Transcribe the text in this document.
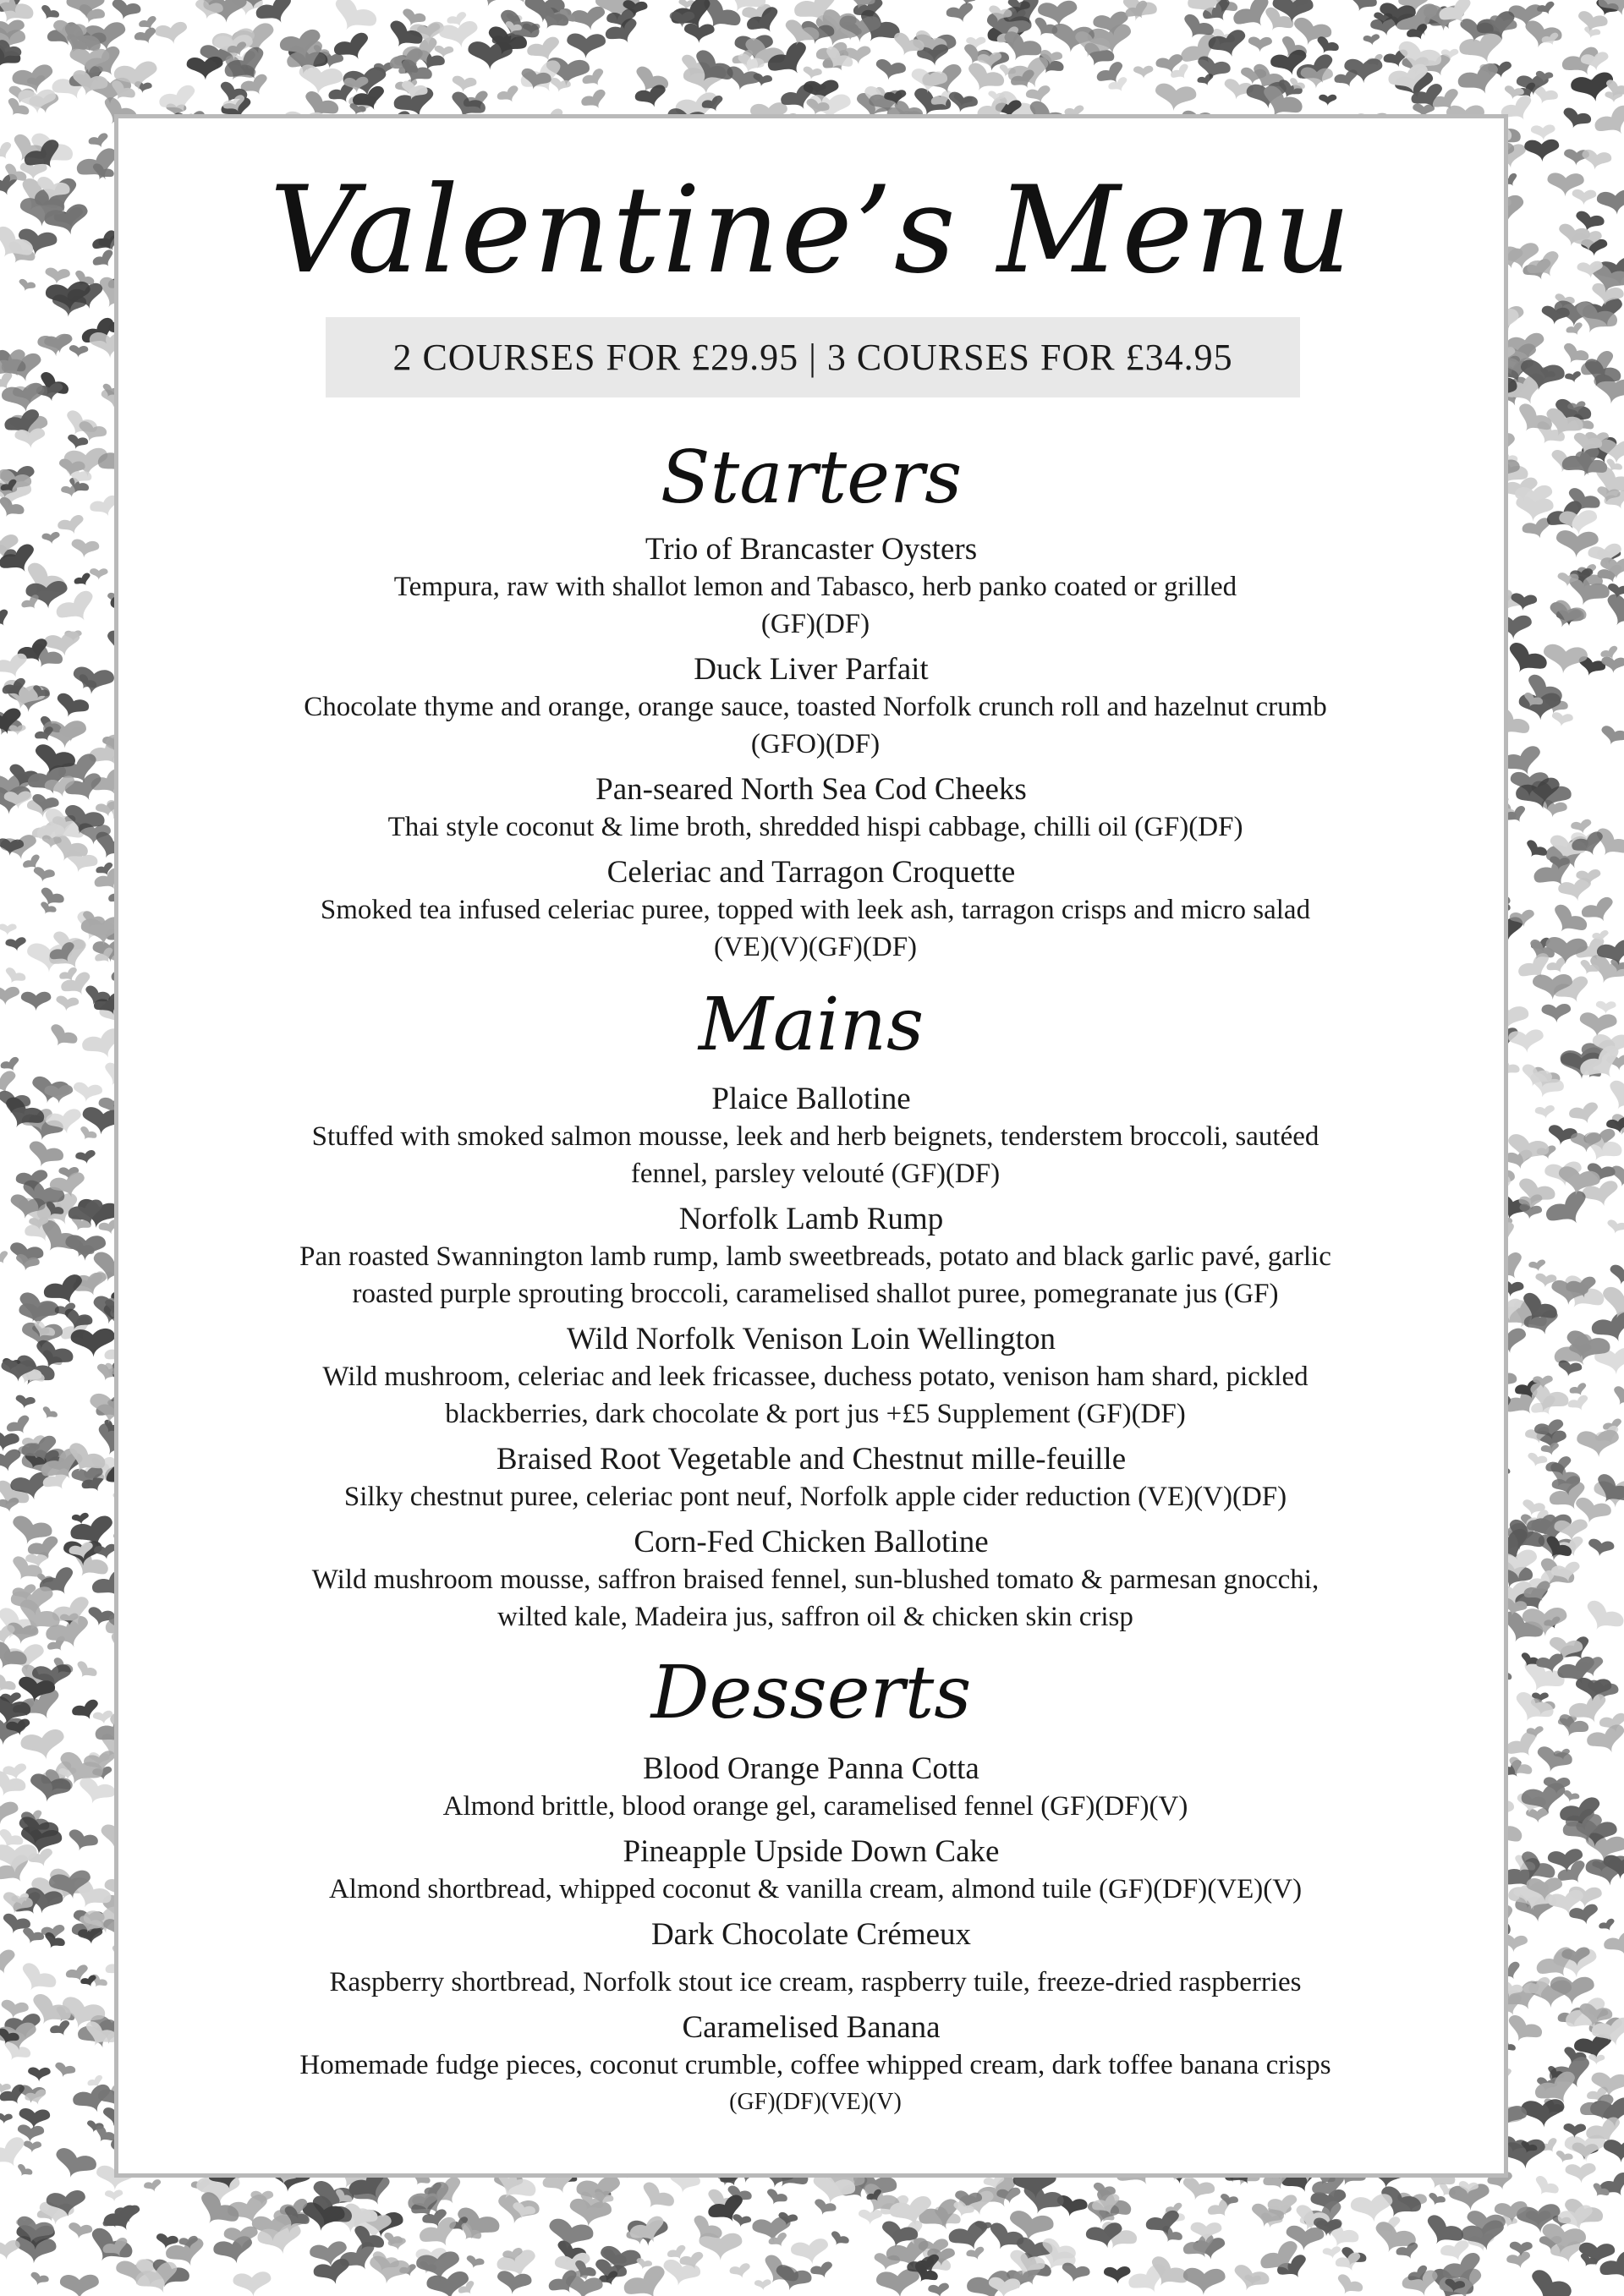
Valentine’s Menu
2 COURSES FOR £29.95 | 3 COURSES FOR £34.95
Starters
Trio of Brancaster Oysters
Tempura, raw with shallot lemon and Tabasco, herb panko coated or grilled
(GF)(DF)
Duck Liver Parfait
Chocolate thyme and orange, orange sauce, toasted Norfolk crunch roll and hazelnut crumb
(GFO)(DF)
Pan-seared North Sea Cod Cheeks
Thai style coconut & lime broth, shredded hispi cabbage, chilli oil (GF)(DF)
Celeriac and Tarragon Croquette
Smoked tea infused celeriac puree, topped with leek ash, tarragon crisps and micro salad
(VE)(V)(GF)(DF)
Mains
Plaice Ballotine
Stuffed with smoked salmon mousse, leek and herb beignets, tenderstem broccoli, sautéed
fennel, parsley velouté (GF)(DF)
Norfolk Lamb Rump
Pan roasted Swannington lamb rump, lamb sweetbreads, potato and black garlic pavé, garlic
roasted purple sprouting broccoli, caramelised shallot puree, pomegranate jus (GF)
Wild Norfolk Venison Loin Wellington
Wild mushroom, celeriac and leek fricassee, duchess potato, venison ham shard, pickled
blackberries, dark chocolate & port jus +£5 Supplement (GF)(DF)
Braised Root Vegetable and Chestnut mille-feuille
Silky chestnut puree, celeriac pont neuf, Norfolk apple cider reduction (VE)(V)(DF)
Corn-Fed Chicken Ballotine
Wild mushroom mousse, saffron braised fennel, sun-blushed tomato & parmesan gnocchi,
wilted kale, Madeira jus, saffron oil & chicken skin crisp
Desserts
Blood Orange Panna Cotta
Almond brittle, blood orange gel, caramelised fennel (GF)(DF)(V)
Pineapple Upside Down Cake
Almond shortbread, whipped coconut & vanilla cream, almond tuile (GF)(DF)(VE)(V)
Dark Chocolate Crémeux
Raspberry shortbread, Norfolk stout ice cream, raspberry tuile, freeze-dried raspberries
Caramelised Banana
Homemade fudge pieces, coconut crumble, coffee whipped cream, dark toffee banana crisps
(GF)(DF)(VE)(V)
